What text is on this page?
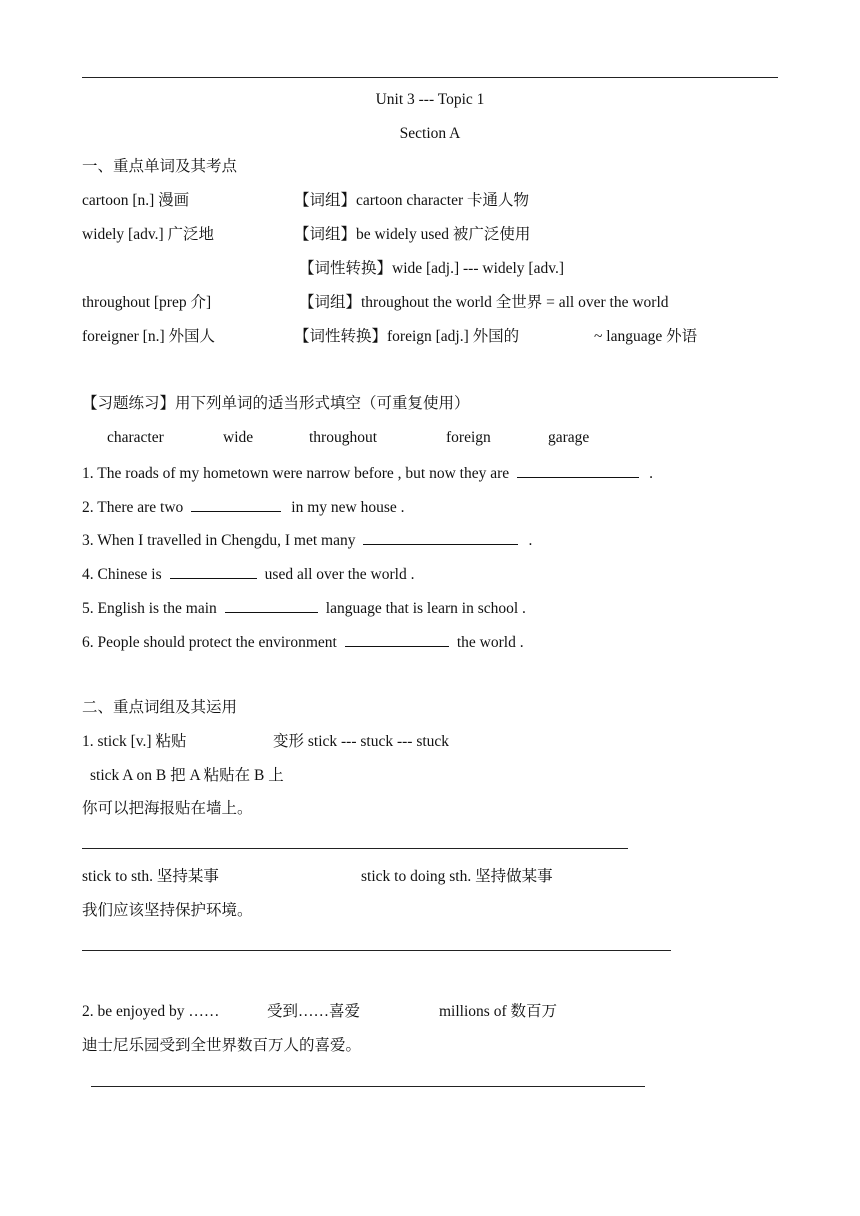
Unit 3 --- Topic 1
Section A
一、重点单词及其考点
cartoon [n.] 漫画	【词组】cartoon character 卡通人物
widely [adv.] 广泛地	【词组】be widely used 被广泛使用
【词性转换】wide [adj.] --- widely [adv.]
throughout [prep 介]	【词组】throughout the world 全世界 = all over the world
foreigner [n.] 外国人	【词性转换】foreign [adj.] 外国的	~ language 外语
【习题练习】用下列单词的适当形式填空（可重复使用）
character	wide	throughout	foreign	garage
1. The roads of my hometown were narrow before , but now they are	.
2. There are two	in my new house .
3. When I travelled in Chengdu, I met many	.
4. Chinese is	used all over the world .
5. English is the main	language that is learn in school .
6. People should protect the environment	the world .
二、重点词组及其运用
1. stick [v.] 粘贴	变形 stick --- stuck --- stuck
stick A on B 把 A 粘贴在 B 上
你可以把海报贴在墙上。
stick to sth. 坚持某事	stick to doing sth. 坚持做某事
我们应该坚持保护环境。
2. be enjoyed by ……	受到……喜爱	millions of 数百万
迪士尼乐园受到全世界数百万人的喜爱。
